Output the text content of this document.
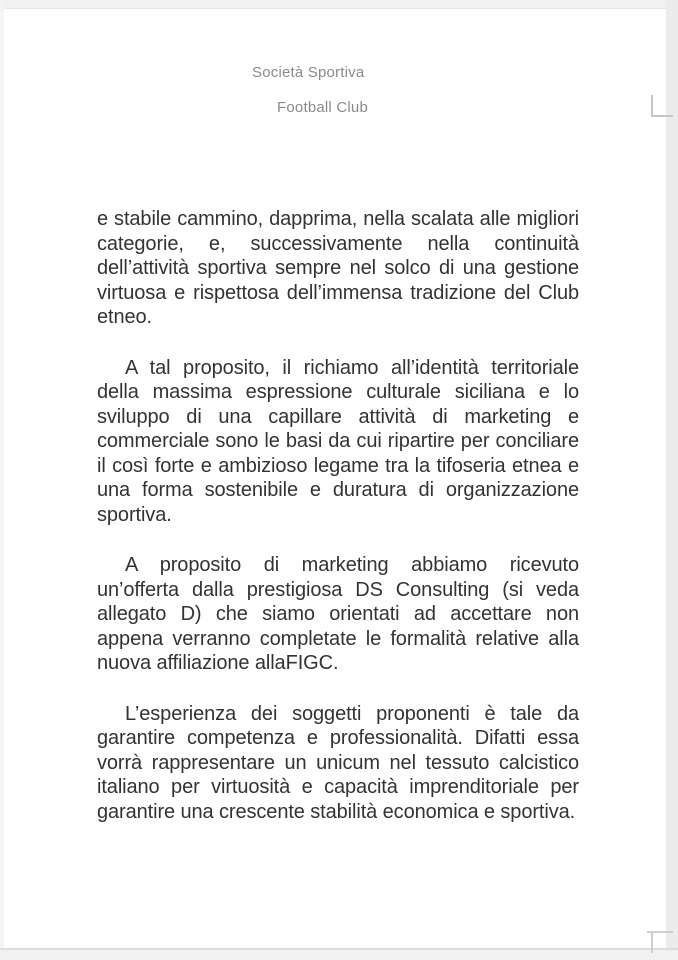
Società Sportiva
Football Club

e stabile cammino, dapprima, nella scalata alle migliori categorie, e, successivamente nella continuità dell’attività sportiva sempre nel solco di una gestione virtuosa e rispettosa dell’immensa tradizione del Club etneo.

A tal proposito, il richiamo all’identità territoriale della massima espressione culturale siciliana e lo sviluppo di una capillare attività di marketing e commerciale sono le basi da cui ripartire per conciliare il così forte e ambizioso legame tra la tifoseria etnea e una forma sostenibile e duratura di organizzazione sportiva.

A proposito di marketing abbiamo ricevuto un’offerta dalla prestigiosa DS Consulting (si veda allegato D) che siamo orientati ad accettare non appena verranno completate le formalità relative alla nuova affiliazione allaFIGC.

L’esperienza dei soggetti proponenti è tale da garantire competenza e professionalità. Difatti essa vorrà rappresentare un unicum nel tessuto calcistico italiano per virtuosità e capacità imprenditoriale per garantire una crescente stabilità economica e sportiva.
